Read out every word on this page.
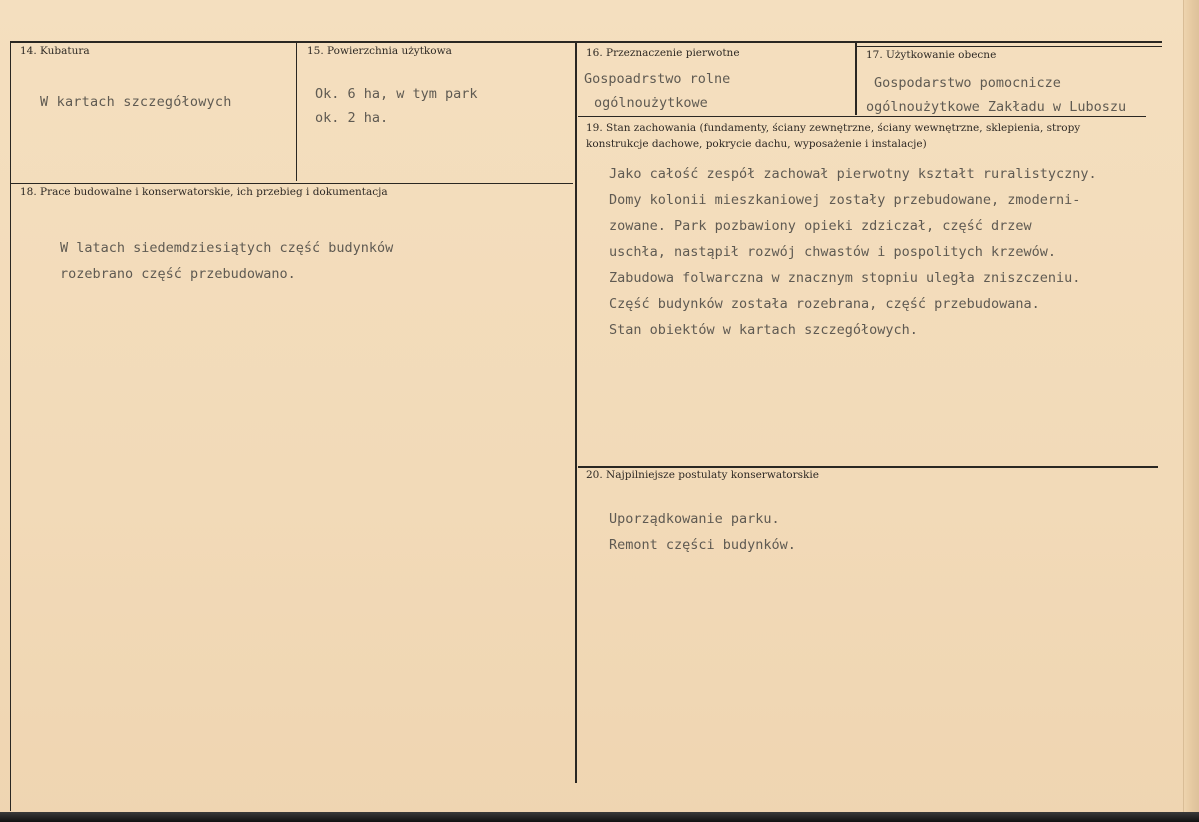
14. Kubatura
W kartach szczegółowych
15. Powierzchnia użytkowa
Ok. 6 ha, w tym park
ok. 2 ha.
16. Przeznaczenie pierwotne
Gospoadrstwo rolne
ogólnoużytkowe
17. Użytkowanie obecne
Gospodarstwo pomocnicze
ogólnoużytkowe Zakładu w Luboszu
19. Stan zachowania (fundamenty, ściany zewnętrzne, ściany wewnętrzne, sklepienia, stropy
konstrukcje dachowe, pokrycie dachu, wyposażenie i instalacje)
Jako całość zespół zachował pierwotny kształt ruralistyczny.
Domy kolonii mieszkaniowej zostały przebudowane, zmoderni-
zowane. Park pozbawiony opieki zdziczał, część drzew
uschła, nastąpił rozwój chwastów i pospolitych krzewów.
Zabudowa folwarczna w znacznym stopniu uległa zniszczeniu.
Część budynków została rozebrana, część przebudowana.
Stan obiektów w kartach szczegółowych.
18. Prace budowalne i konserwatorskie, ich przebieg i dokumentacja
W latach siedemdziesiątych część budynków
rozebrano część przebudowano.
20. Najpilniejsze postulaty konserwatorskie
Uporządkowanie parku.
Remont części budynków.
